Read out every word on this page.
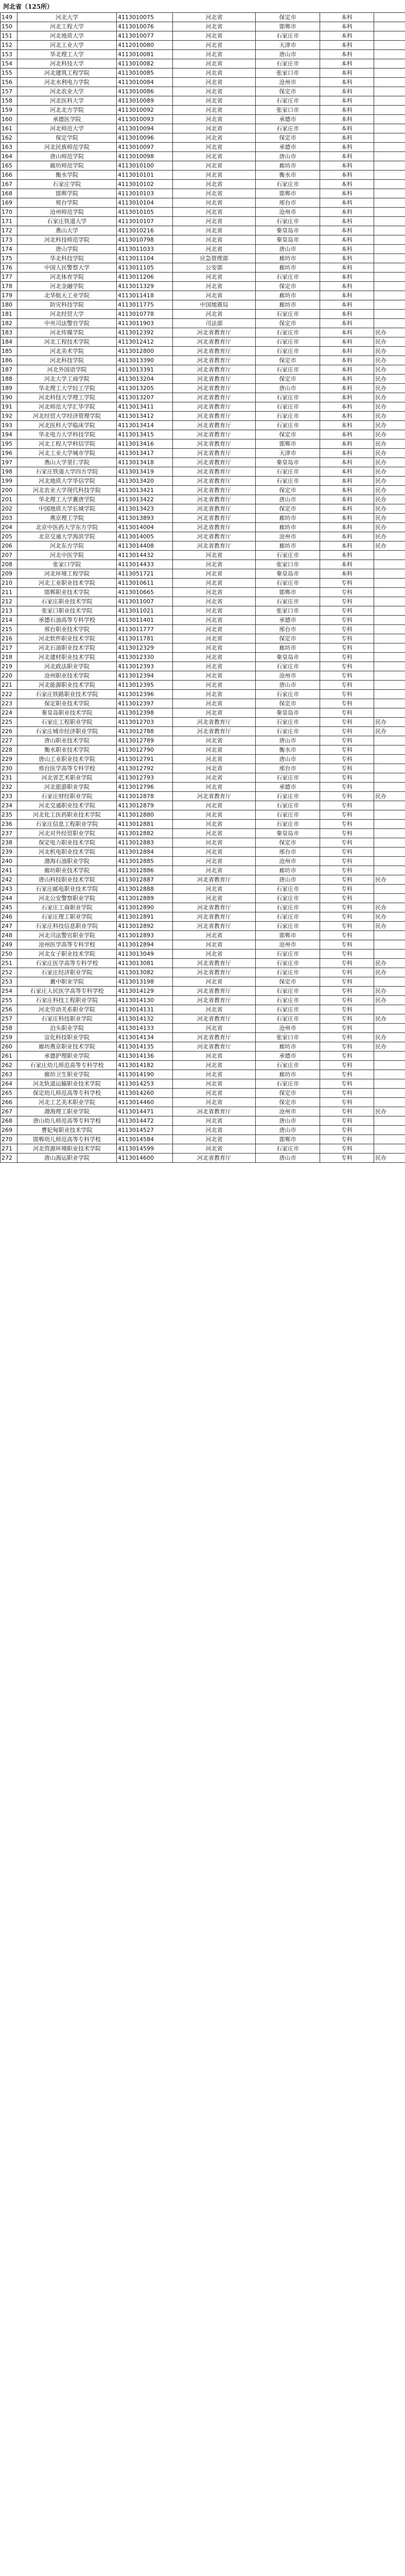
河北省（125所）
149	河北大学	4113010075	河北省	保定市	本科	
150	河北工程大学	4113010076	河北省	邯郸市	本科	
151	河北地质大学	4113010077	河北省	石家庄市	本科	
152	河北工业大学	4112010080	河北省	天津市	本科	
153	华北理工大学	4113010081	河北省	唐山市	本科	
154	河北科技大学	4113010082	河北省	石家庄市	本科	
155	河北建筑工程学院	4113010085	河北省	张家口市	本科	
156	河北水利电力学院	4113010084	河北省	沧州市	本科	
157	河北农业大学	4113010086	河北省	保定市	本科	
158	河北医科大学	4113010089	河北省	石家庄市	本科	
159	河北北方学院	4113010092	河北省	张家口市	本科	
160	承德医学院	4113010093	河北省	承德市	本科	
161	河北师范大学	4113010094	河北省	石家庄市	本科	
162	保定学院	4113010096	河北省	保定市	本科	
163	河北民族师范学院	4113010097	河北省	承德市	本科	
164	唐山师范学院	4113010098	河北省	唐山市	本科	
165	廊坊师范学院	4113010100	河北省	廊坊市	本科	
166	衡水学院	4113010101	河北省	衡水市	本科	
167	石家庄学院	4113010102	河北省	石家庄市	本科	
168	邯郸学院	4113010103	河北省	邯郸市	本科	
169	邢台学院	4113010104	河北省	邢台市	本科	
170	沧州师范学院	4113010105	河北省	沧州市	本科	
171	石家庄铁道大学	4113010107	河北省	石家庄市	本科	
172	燕山大学	4113010216	河北省	秦皇岛市	本科	
173	河北科技师范学院	4113010798	河北省	秦皇岛市	本科	
174	唐山学院	4113011033	河北省	唐山市	本科	
175	华北科技学院	4113011104	应急管理部	廊坊市	本科	
176	中国人民警察大学	4113011105	公安部	廊坊市	本科	
177	河北体育学院	4113011206	河北省	石家庄市	本科	
178	河北金融学院	4113011329	河北省	保定市	本科	
179	北华航天工业学院	4113011418	河北省	廊坊市	本科	
180	防灾科技学院	4113011775	中国地震局	廊坊市	本科	
181	河北经贸大学	4113010778	河北省	石家庄市	本科	
182	中央司法警官学院	4113011903	司法部	保定市	本科	
183	河北传媒学院	4113012392	河北省教育厅	石家庄市	本科	民办
184	河北工程技术学院	4113012412	河北省教育厅	石家庄市	本科	民办
185	河北美术学院	4113012800	河北省教育厅	石家庄市	本科	民办
186	河北科技学院	4113013390	河北省教育厅	保定市	本科	民办
187	河北外国语学院	4113013391	河北省教育厅	石家庄市	本科	民办
188	河北大学工商学院	4113013204	河北省教育厅	保定市	本科	民办
189	华北理工大学轻工学院	4113013205	河北省教育厅	唐山市	本科	民办
190	河北科技大学理工学院	4113013207	河北省教育厅	石家庄市	本科	民办
191	河北师范大学汇华学院	4113013411	河北省教育厅	石家庄市	本科	民办
192	河北经贸大学经济管理学院	4113013412	河北省教育厅	石家庄市	本科	民办
193	河北医科大学临床学院	4113013414	河北省教育厅	石家庄市	本科	民办
194	华北电力大学科技学院	4113013415	河北省教育厅	保定市	本科	民办
195	河北工程大学科信学院	4113013416	河北省教育厅	邯郸市	本科	民办
196	河北工业大学城市学院	4113013417	河北省教育厅	天津市	本科	民办
197	燕山大学里仁学院	4113013418	河北省教育厅	秦皇岛市	本科	民办
198	石家庄铁道大学四方学院	4113013419	河北省教育厅	石家庄市	本科	民办
199	河北地质大学华信学院	4113013420	河北省教育厅	石家庄市	本科	民办
200	河北农业大学现代科技学院	4113013421	河北省教育厅	保定市	本科	民办
201	华北理工大学冀唐学院	4113013422	河北省教育厅	唐山市	本科	民办
202	中国地质大学长城学院	4113013423	河北省教育厅	保定市	本科	民办
203	燕京理工学院	4113013893	河北省教育厅	廊坊市	本科	民办
204	北京中医药大学东方学院	4113014004	河北省教育厅	廊坊市	本科	民办
205	北京交通大学海滨学院	4113014005	河北省教育厅	沧州市	本科	民办
206	河北东方学院	4113014408	河北省教育厅	廊坊市	本科	民办
207	河北中医学院	4113014432	河北省	石家庄市	本科	
208	张家口学院	4113014433	河北省	张家口市	本科	
209	河北环境工程学院	4113051721	河北省	秦皇岛市	本科	
210	河北工业职业技术学院	4113010611	河北省	石家庄市	专科	
211	邯郸职业技术学院	4113010665	河北省	邯郸市	专科	
212	石家庄职业技术学院	4113011007	河北省	石家庄市	专科	
213	张家口职业技术学院	4113011021	河北省	张家口市	专科	
214	承德石油高等专科学校	4113011401	河北省	承德市	专科	
215	邢台职业技术学院	4113011777	河北省	邢台市	专科	
216	河北软件职业技术学院	4113011781	河北省	保定市	专科	
217	河北石油职业技术学院	4113012329	河北省	廊坊市	专科	
218	河北建材职业技术学院	4113012330	河北省	秦皇岛市	专科	
219	河北政法职业学院	4113012393	河北省	石家庄市	专科	
220	沧州职业技术学院	4113012394	河北省	沧州市	专科	
221	河北能源职业技术学院	4113012395	河北省	唐山市	专科	
222	石家庄铁路职业技术学院	4113012396	河北省	石家庄市	专科	
223	保定职业技术学院	4113012397	河北省	保定市	专科	
224	秦皇岛职业技术学院	4113012398	河北省	秦皇岛市	专科	
225	石家庄工程职业学院	4113012703	河北省教育厅	石家庄市	专科	民办
226	石家庄城市经济职业学院	4113012788	河北省教育厅	石家庄市	专科	民办
227	唐山职业技术学院	4113012789	河北省	唐山市	专科	
228	衡水职业技术学院	4113012790	河北省	衡水市	专科	
229	唐山工业职业技术学院	4113012791	河北省	唐山市	专科	
230	邢台医学高等专科学校	4113012792	河北省	邢台市	专科	
231	河北省艺术职业学院	4113012793	河北省	石家庄市	专科	
232	河北旅游职业学院	4113012796	河北省	承德市	专科	
233	石家庄财经职业学院	4113012878	河北省教育厅	石家庄市	专科	民办
234	河北交通职业技术学院	4113012879	河北省	石家庄市	专科	
235	河北化工医药职业技术学院	4113012880	河北省	石家庄市	专科	
236	石家庄信息工程职业学院	4113012881	河北省	石家庄市	专科	
237	河北对外经贸职业学院	4113012882	河北省	秦皇岛市	专科	
238	保定电力职业技术学院	4113012883	河北省	保定市	专科	
239	河北机电职业技术学院	4113012884	河北省	邢台市	专科	
240	渤海石油职业学院	4113012885	河北省	沧州市	专科	
241	廊坊职业技术学院	4113012886	河北省	廊坊市	专科	
242	唐山科技职业技术学院	4113012887	河北省教育厅	唐山市	专科	民办
243	石家庄邮电职业技术学院	4113012888	河北省	石家庄市	专科	
244	河北公安警察职业学院	4113012889	河北省	石家庄市	专科	
245	石家庄工商职业学院	4113012890	河北省教育厅	石家庄市	专科	民办
246	石家庄理工职业学院	4113012891	河北省教育厅	石家庄市	专科	民办
247	石家庄科技信息职业学院	4113012892	河北省教育厅	石家庄市	专科	民办
248	河北司法警官职业学院	4113012893	河北省	邯郸市	专科	
249	沧州医学高等专科学校	4113012894	河北省	沧州市	专科	
250	河北女子职业技术学院	4113013049	河北省	石家庄市	专科	
251	石家庄医学高等专科学校	4113013081	河北省教育厅	石家庄市	专科	民办
252	石家庄经济职业学院	4113013082	河北省教育厅	石家庄市	专科	民办
253	冀中职业学院	4113013198	河北省	保定市	专科	
254	石家庄人民医学高等专科学校	4113014129	河北省教育厅	石家庄市	专科	民办
255	石家庄科技工程职业学院	4113014130	河北省教育厅	石家庄市	专科	民办
256	河北劳动关系职业学院	4113014131	河北省	石家庄市	专科	
257	石家庄科技职业学院	4113014132	河北省教育厅	石家庄市	专科	民办
258	泊头职业学院	4113014133	河北省	沧州市	专科	
259	宣化科技职业学院	4113014134	河北省教育厅	张家口市	专科	民办
260	廊坊燕京职业技术学院	4113014135	河北省教育厅	廊坊市	专科	民办
261	承德护理职业学院	4113014136	河北省	承德市	专科	
262	石家庄幼儿师范高等专科学校	4113014182	河北省	石家庄市	专科	
263	廊坊卫生职业学院	4113014190	河北省	廊坊市	专科	
264	河北轨道运输职业技术学院	4113014253	河北省	石家庄市	专科	
265	保定幼儿师范高等专科学校	4113014260	河北省	保定市	专科	
266	河北工艺美术职业学院	4113014460	河北省	保定市	专科	
267	渤海理工职业学院	4113014471	河北省教育厅	沧州市	专科	民办
268	唐山幼儿师范高等专科学校	4113014472	河北省	唐山市	专科	
269	曹妃甸职业技术学院	4113014527	河北省	唐山市	专科	
270	邯郸幼儿师范高等专科学校	4113014584	河北省	邯郸市	专科	
271	河北资源环境职业技术学院	4113014599	河北省	石家庄市	专科	
272	唐山海运职业学院	4113014600	河北省教育厅	唐山市	专科	民办
